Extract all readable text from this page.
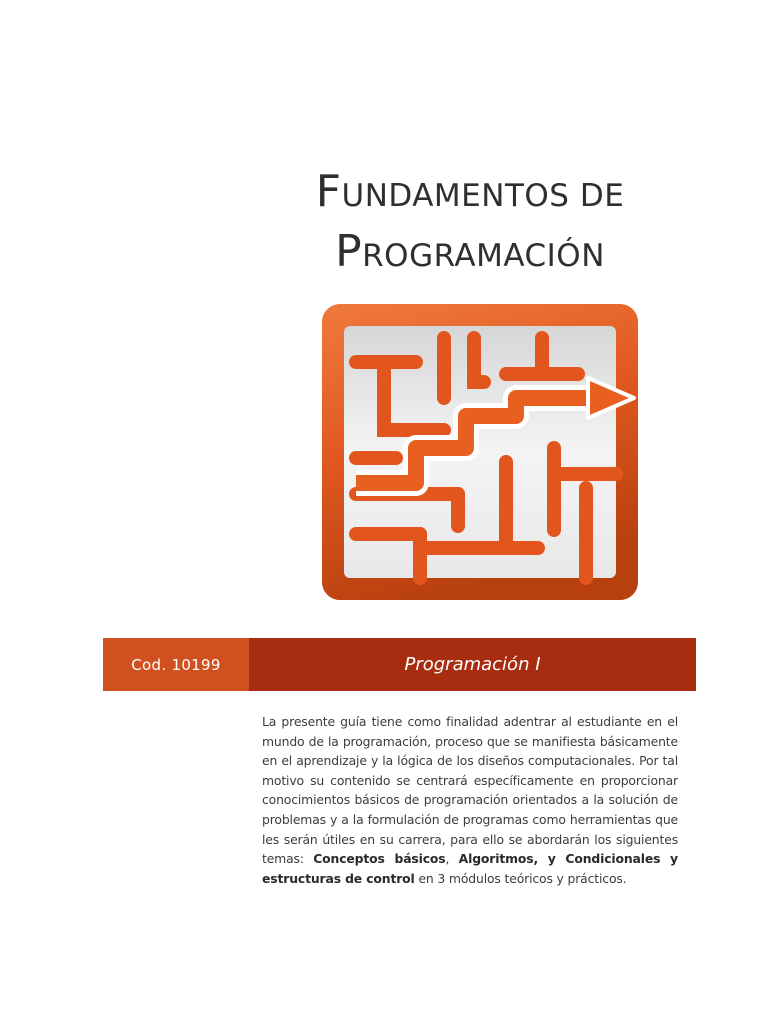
FUNDAMENTOS DE
PROGRAMACIÓN
Cod. 10199	Programación I
La presente guía tiene como finalidad adentrar al estudiante en el mundo de la programación, proceso que se manifiesta básicamente en el aprendizaje y la lógica de los diseños computacionales. Por tal motivo su contenido se centrará específicamente en proporcionar conocimientos básicos de programación orientados a la solución de problemas y a la formulación de programas como herramientas que les serán útiles en su carrera, para ello se abordarán los siguientes temas: Conceptos básicos, Algoritmos, y Condicionales y estructuras de control en 3 módulos teóricos y prácticos.
